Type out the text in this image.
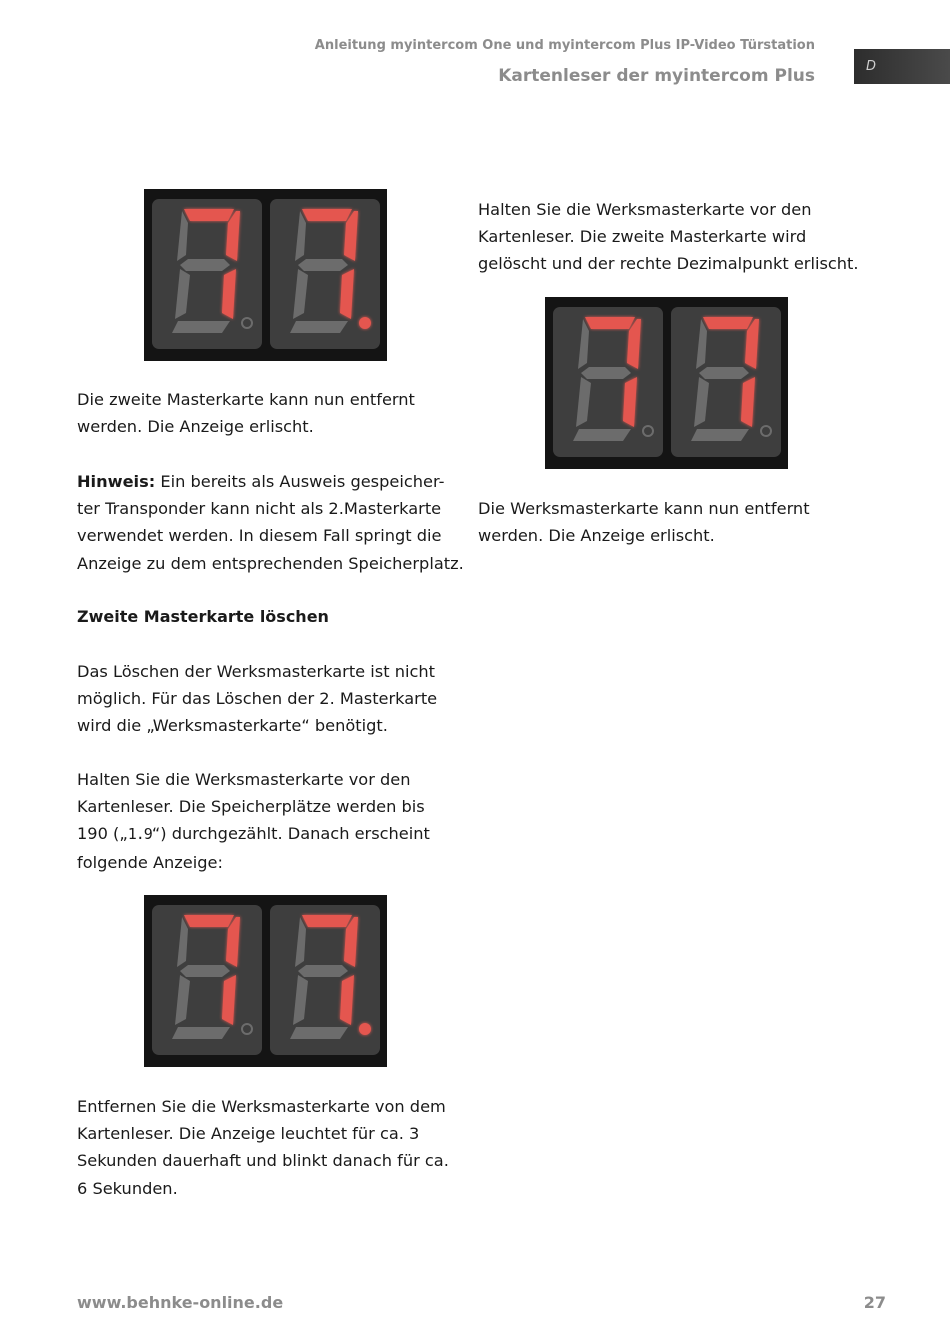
Anleitung myintercom One und myintercom Plus IP-Video Türstation
Kartenleser der myintercom Plus	D

Die zweite Masterkarte kann nun entfernt
werden. Die Anzeige erlischt.

Hinweis: Ein bereits als Ausweis gespeicher-
ter Transponder kann nicht als 2.Masterkarte
verwendet werden. In diesem Fall springt die
Anzeige zu dem entsprechenden Speicherplatz.

Zweite Masterkarte löschen

Das Löschen der Werksmasterkarte ist nicht
möglich. Für das Löschen der 2. Masterkarte
wird die „Werksmasterkarte“ benötigt.

Halten Sie die Werksmasterkarte vor den
Kartenleser. Die Speicherplätze werden bis
190 („1.9“) durchgezählt. Danach erscheint
folgende Anzeige:

Entfernen Sie die Werksmasterkarte von dem
Kartenleser. Die Anzeige leuchtet für ca. 3
Sekunden dauerhaft und blinkt danach für ca.
6 Sekunden.

Halten Sie die Werksmasterkarte vor den
Kartenleser. Die zweite Masterkarte wird
gelöscht und der rechte Dezimalpunkt erlischt.

Die Werksmasterkarte kann nun entfernt
werden. Die Anzeige erlischt.

www.behnke-online.de	27
